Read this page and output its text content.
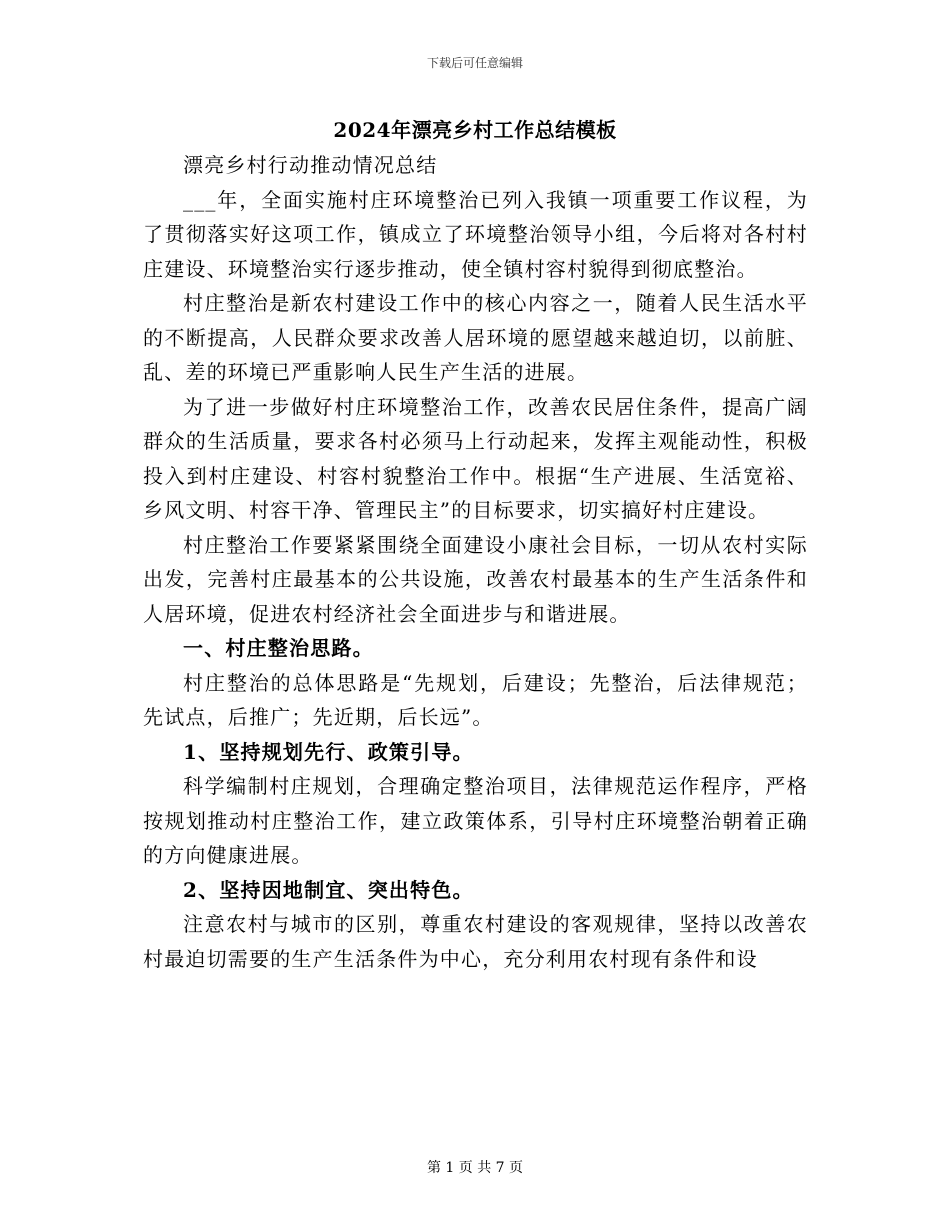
下载后可任意编辑
2024年漂亮乡村工作总结模板

漂亮乡村行动推动情况总结

___年，全面实施村庄环境整治已列入我镇一项重要工作议程，为了贯彻落实好这项工作，镇成立了环境整治领导小组，今后将对各村村庄建设、环境整治实行逐步推动，使全镇村容村貌得到彻底整治。

村庄整治是新农村建设工作中的核心内容之一，随着人民生活水平的不断提高，人民群众要求改善人居环境的愿望越来越迫切，以前脏、乱、差的环境已严重影响人民生产生活的进展。

为了进一步做好村庄环境整治工作，改善农民居住条件，提高广阔群众的生活质量，要求各村必须马上行动起来，发挥主观能动性，积极投入到村庄建设、村容村貌整治工作中。根据“生产进展、生活宽裕、乡风文明、村容干净、管理民主”的目标要求，切实搞好村庄建设。

村庄整治工作要紧紧围绕全面建设小康社会目标，一切从农村实际出发，完善村庄最基本的公共设施，改善农村最基本的生产生活条件和人居环境，促进农村经济社会全面进步与和谐进展。

一、村庄整治思路。

村庄整治的总体思路是“先规划，后建设；先整治，后法律规范；先试点，后推广；先近期，后长远”。

1、坚持规划先行、政策引导。

科学编制村庄规划，合理确定整治项目，法律规范运作程序，严格按规划推动村庄整治工作，建立政策体系，引导村庄环境整治朝着正确的方向健康进展。

2、坚持因地制宜、突出特色。

注意农村与城市的区别，尊重农村建设的客观规律，坚持以改善农村最迫切需要的生产生活条件为中心，充分利用农村现有条件和设

第 1 页 共 7 页
